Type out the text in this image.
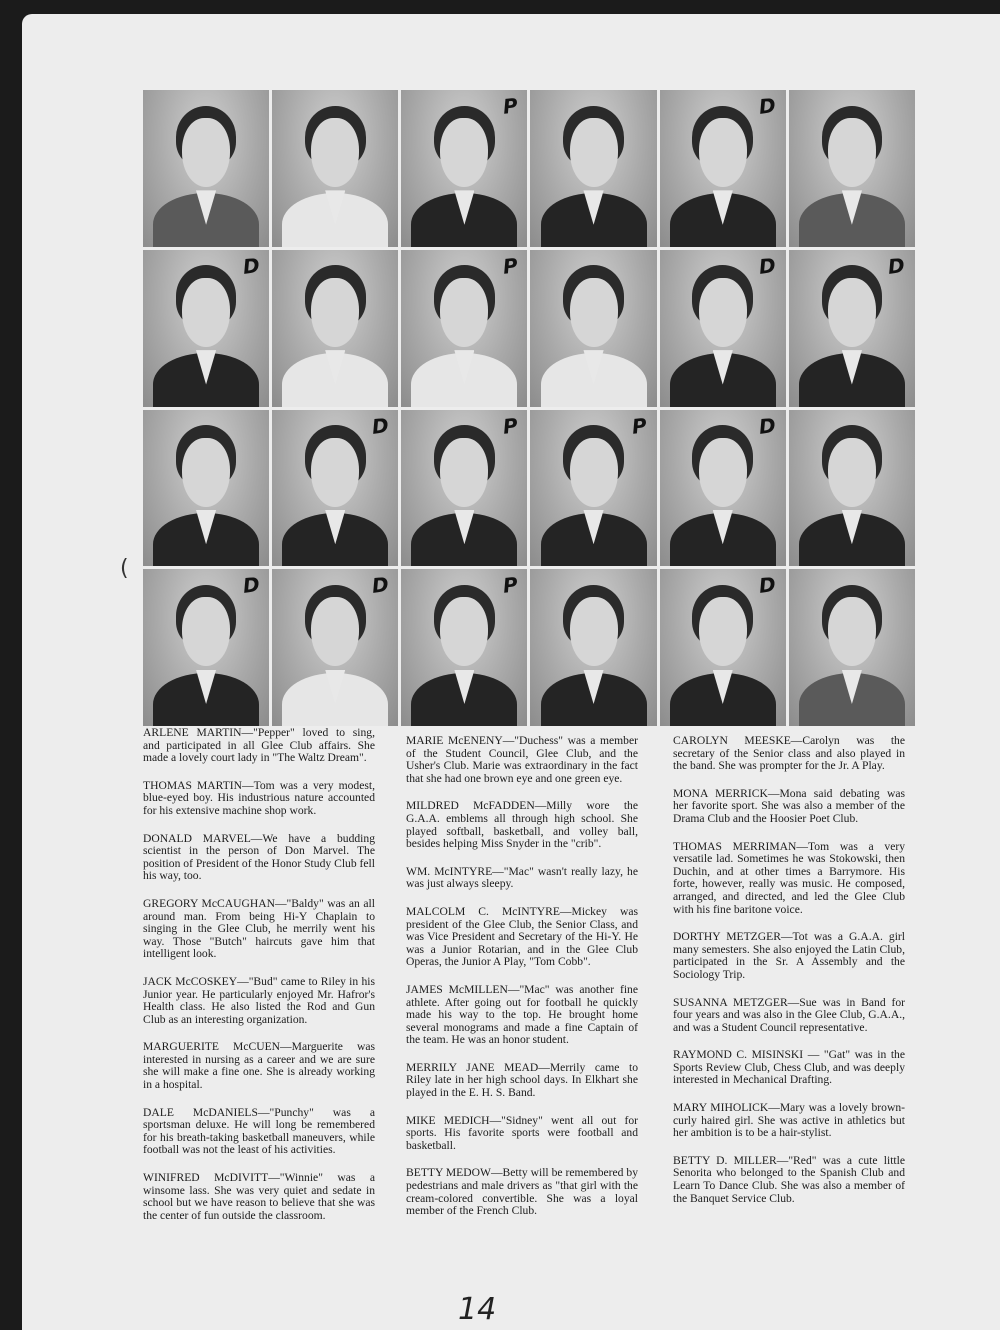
P	D
D	P	D	D
D	P	P	D
D	D	P	D
(

ARLENE MARTIN—"Pepper" loved to sing, and participated in all Glee Club affairs. She made a lovely court lady in "The Waltz Dream".

THOMAS MARTIN—Tom was a very modest, blue-eyed boy. His industrious nature accounted for his extensive machine shop work.

DONALD MARVEL—We have a budding scientist in the person of Don Marvel. The position of President of the Honor Study Club fell his way, too.

GREGORY McCAUGHAN—"Baldy" was an all around man. From being Hi-Y Chaplain to singing in the Glee Club, he merrily went his way. Those "Butch" haircuts gave him that intelligent look.

JACK McCOSKEY—"Bud" came to Riley in his Junior year. He particularly enjoyed Mr. Hafror's Health class. He also listed the Rod and Gun Club as an interesting organization.

MARGUERITE McCUEN—Marguerite was interested in nursing as a career and we are sure she will make a fine one. She is already working in a hospital.

DALE McDANIELS—"Punchy" was a sportsman deluxe. He will long be remembered for his breath-taking basketball maneuvers, while football was not the least of his activities.

WINIFRED McDIVITT—"Winnie" was a winsome lass. She was very quiet and sedate in school but we have reason to believe that she was the center of fun outside the classroom.

MARIE McENENY—"Duchess" was a member of the Student Council, Glee Club, and the Usher's Club. Marie was extraordinary in the fact that she had one brown eye and one green eye.

MILDRED McFADDEN—Milly wore the G.A.A. emblems all through high school. She played softball, basketball, and volley ball, besides helping Miss Snyder in the "crib".

WM. McINTYRE—"Mac" wasn't really lazy, he was just always sleepy.

MALCOLM C. McINTYRE—Mickey was president of the Glee Club, the Senior Class, and was Vice President and Secretary of the Hi-Y. He was a Junior Rotarian, and in the Glee Club Operas, the Junior A Play, "Tom Cobb".

JAMES McMILLEN—"Mac" was another fine athlete. After going out for football he quickly made his way to the top. He brought home several monograms and made a fine Captain of the team. He was an honor student.

MERRILY JANE MEAD—Merrily came to Riley late in her high school days. In Elkhart she played in the E. H. S. Band.

MIKE MEDICH—"Sidney" went all out for sports. His favorite sports were football and basketball.

BETTY MEDOW—Betty will be remembered by pedestrians and male drivers as "that girl with the cream-colored convertible. She was a loyal member of the French Club.

CAROLYN MEESKE—Carolyn was the secretary of the Senior class and also played in the band. She was prompter for the Jr. A Play.

MONA MERRICK—Mona said debating was her favorite sport. She was also a member of the Drama Club and the Hoosier Poet Club.

THOMAS MERRIMAN—Tom was a very versatile lad. Sometimes he was Stokowski, then Duchin, and at other times a Barrymore. His forte, however, really was music. He composed, arranged, and directed, and led the Glee Club with his fine baritone voice.

DORTHY METZGER—Tot was a G.A.A. girl many semesters. She also enjoyed the Latin Club, participated in the Sr. A Assembly and the Sociology Trip.

SUSANNA METZGER—Sue was in Band for four years and was also in the Glee Club, G.A.A., and was a Student Council representative.

RAYMOND C. MISINSKI — "Gat" was in the Sports Review Club, Chess Club, and was deeply interested in Mechanical Drafting.

MARY MIHOLICK—Mary was a lovely brown-curly haired girl. She was active in athletics but her ambition is to be a hair-stylist.

BETTY D. MILLER—"Red" was a cute little Senorita who belonged to the Spanish Club and Learn To Dance Club. She was also a member of the Banquet Service Club.

14
